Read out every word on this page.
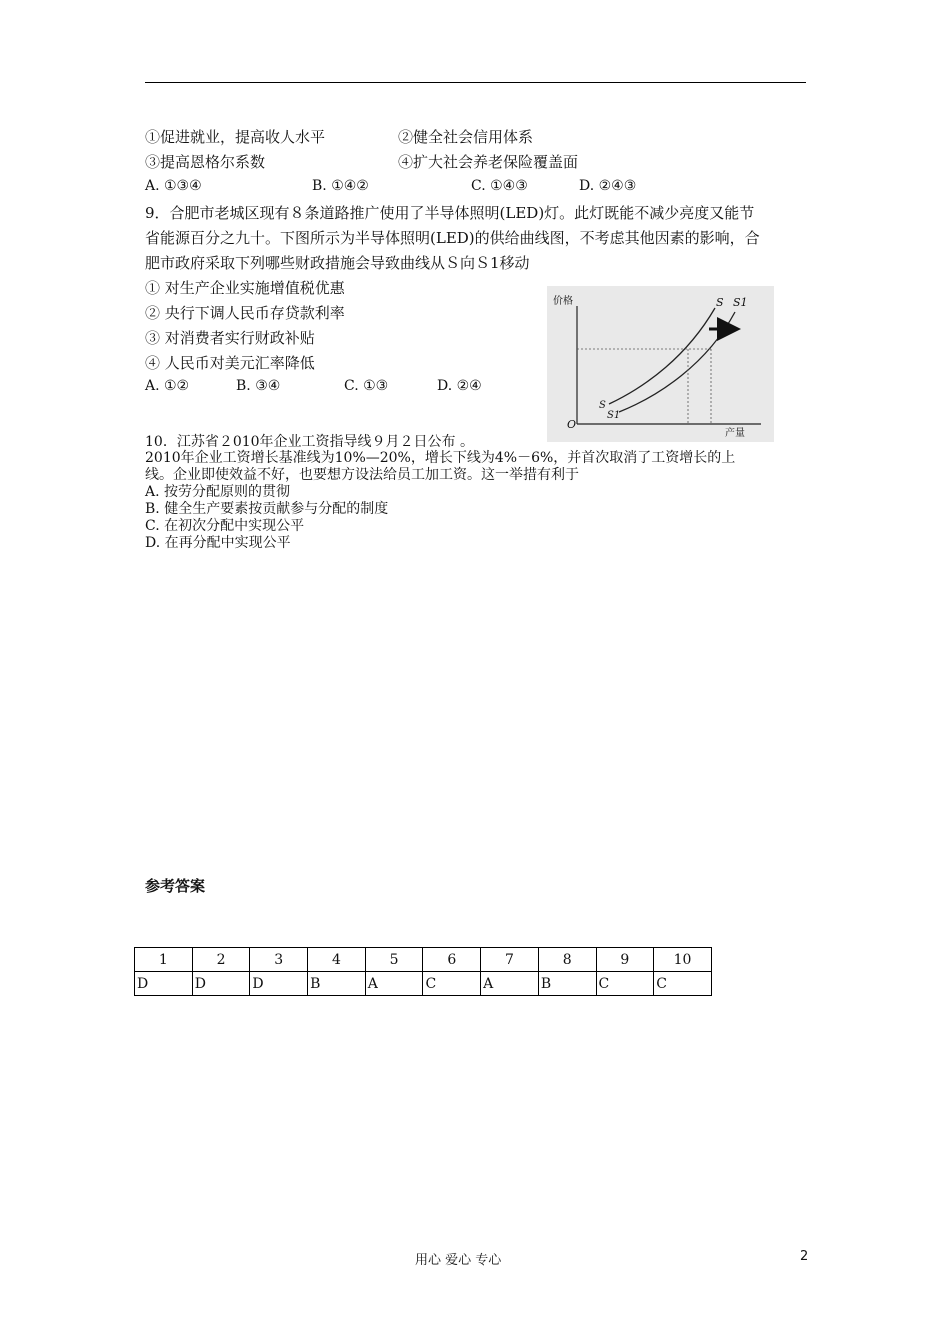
①促进就业，提高收人水平	②健全社会信用体系
③提高恩格尔系数	④扩大社会养老保险覆盖面
A. ①③④	B. ①④②	C. ①④③	D. ②④③
9．合肥市老城区现有８条道路推广使用了半导体照明(LED)灯。此灯既能不减少亮度又能节
省能源百分之九十。下图所示为半导体照明(LED)的供给曲线图，不考虑其他因素的影响，合
肥市政府采取下列哪些财政措施会导致曲线从Ｓ向Ｓ1移动
① 对生产企业实施增值税优惠
② 央行下调人民币存贷款利率
③ 对消费者实行财政补贴
④ 人民币对美元汇率降低
A. ①②	B. ③④	C. ①③	D. ②④
价格
产量
O
S S1
S
S1
10．江苏省２010年企业工资指导线９月２日公布 。
2010年企业工资增长基准线为10%—20%，增长下线为4%－6%，并首次取消了工资增长的上
线。企业即使效益不好，也要想方设法给员工加工资。这一举措有利于
A. 按劳分配原则的贯彻
B. 健全生产要素按贡献参与分配的制度
C. 在初次分配中实现公平
D. 在再分配中实现公平
参考答案
1	2	3	4	5	6	7	8	9	10
D	D	D	B	A	C	A	B	C	C
用心 爱心 专心	2
